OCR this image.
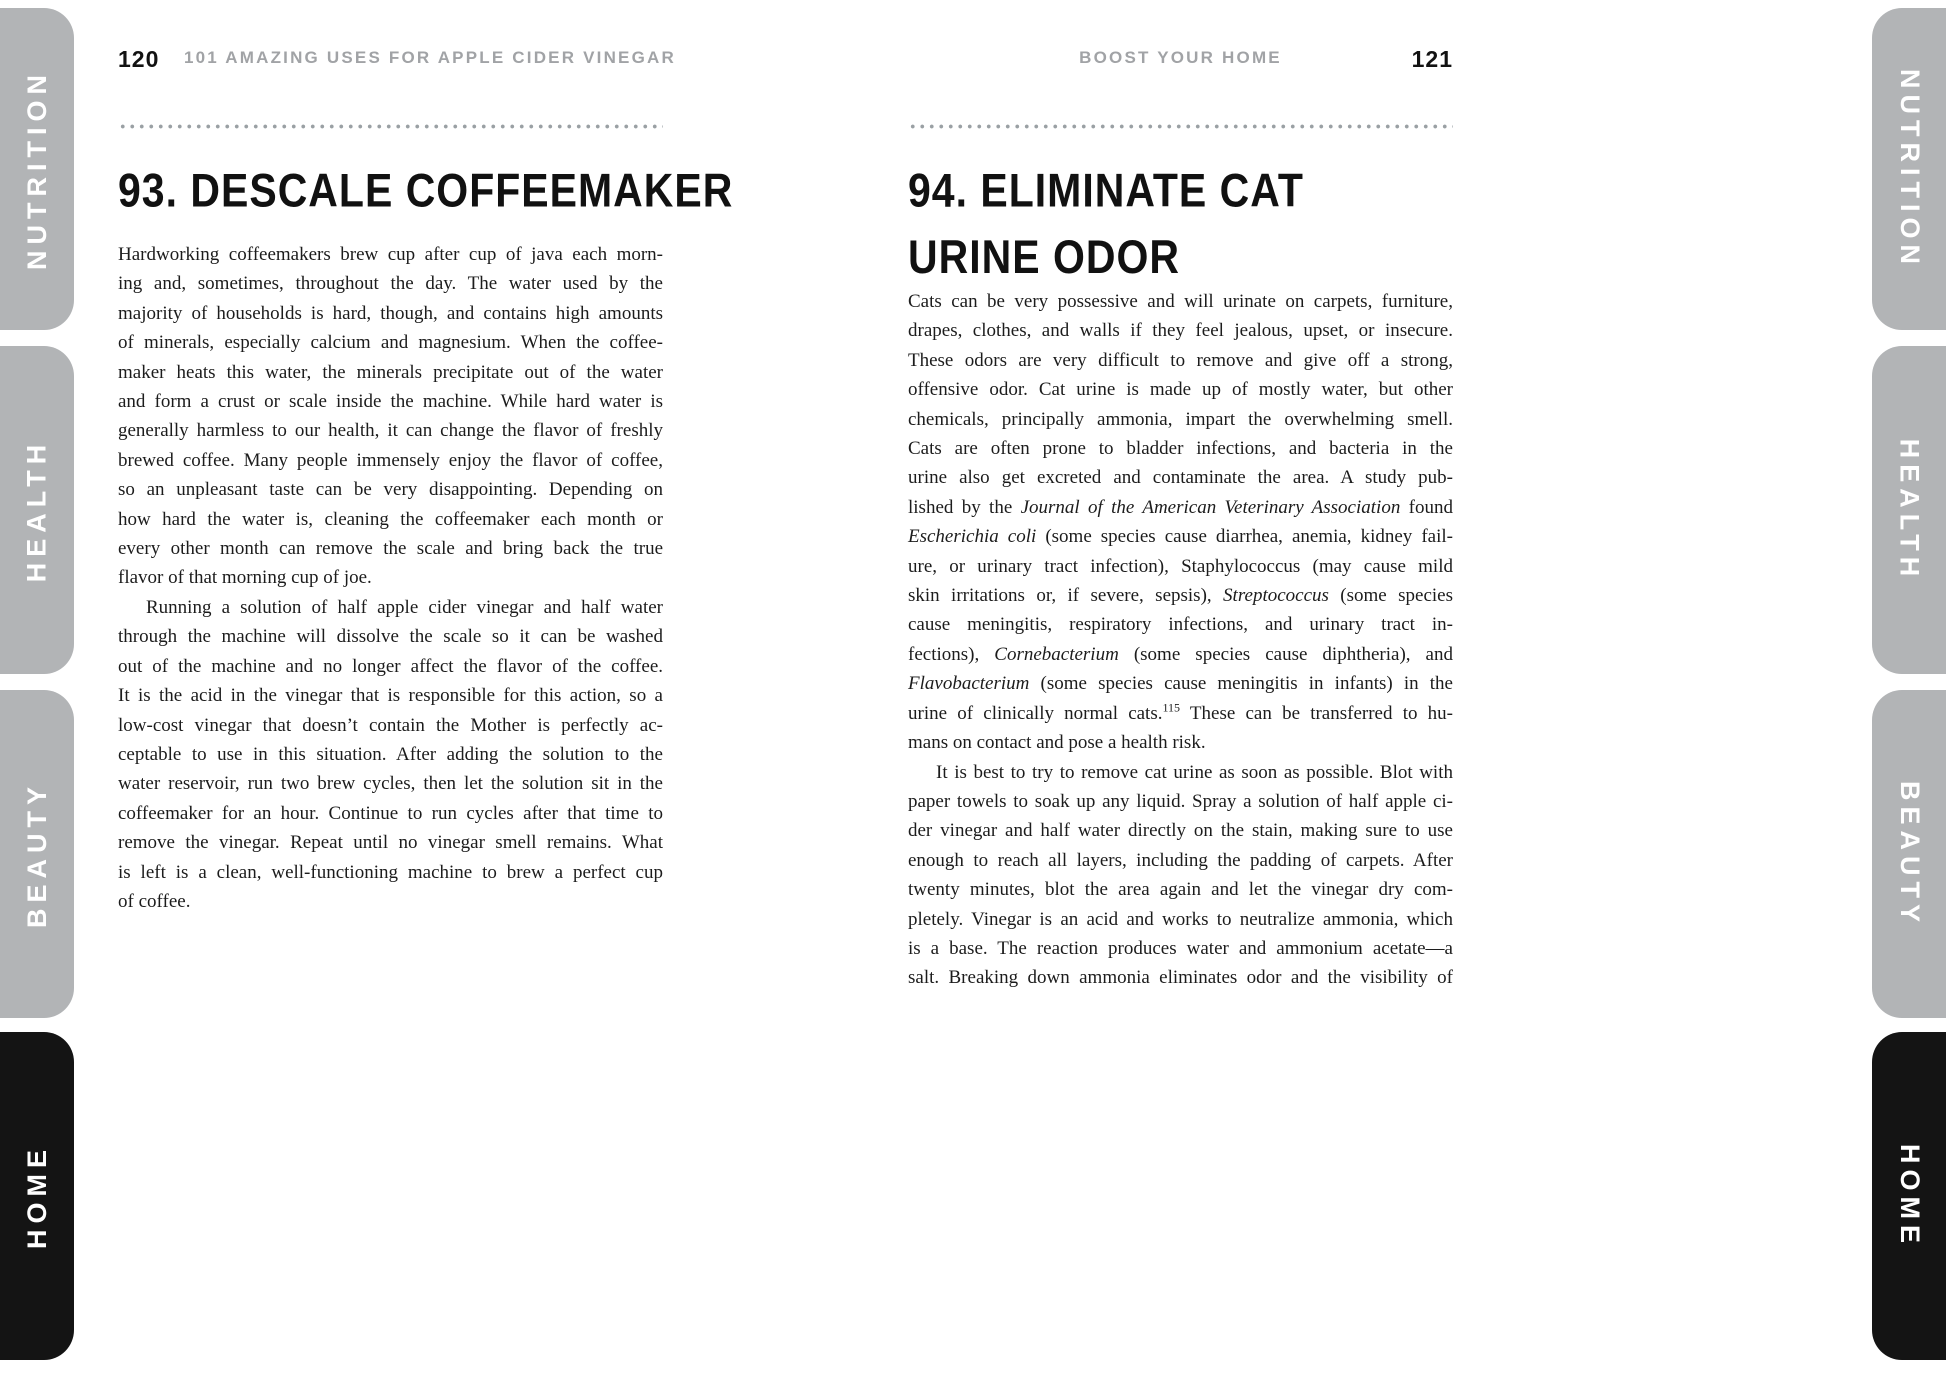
NUTRITION
HEALTH
BEAUTY
HOME
NUTRITION
HEALTH
BEAUTY
HOME
120 101 AMAZING USES FOR APPLE CIDER VINEGAR
93. DESCALE COFFEEMAKER
Hardworking coffeemakers brew cup after cup of java each morn-
ing and, sometimes, throughout the day. The water used by the
majority of households is hard, though, and contains high amounts
of minerals, especially calcium and magnesium. When the coffee-
maker heats this water, the minerals precipitate out of the water
and form a crust or scale inside the machine. While hard water is
generally harmless to our health, it can change the flavor of freshly
brewed coffee. Many people immensely enjoy the flavor of coffee,
so an unpleasant taste can be very disappointing. Depending on
how hard the water is, cleaning the coffeemaker each month or
every other month can remove the scale and bring back the true
flavor of that morning cup of joe.
Running a solution of half apple cider vinegar and half water
through the machine will dissolve the scale so it can be washed
out of the machine and no longer affect the flavor of the coffee.
It is the acid in the vinegar that is responsible for this action, so a
low-cost vinegar that doesn’t contain the Mother is perfectly ac-
ceptable to use in this situation. After adding the solution to the
water reservoir, run two brew cycles, then let the solution sit in the
coffeemaker for an hour. Continue to run cycles after that time to
remove the vinegar. Repeat until no vinegar smell remains. What
is left is a clean, well-functioning machine to brew a perfect cup
of coffee.
BOOST YOUR HOME	121
94. ELIMINATE CAT
URINE ODOR
Cats can be very possessive and will urinate on carpets, furniture,
drapes, clothes, and walls if they feel jealous, upset, or insecure.
These odors are very difficult to remove and give off a strong,
offensive odor. Cat urine is made up of mostly water, but other
chemicals, principally ammonia, impart the overwhelming smell.
Cats are often prone to bladder infections, and bacteria in the
urine also get excreted and contaminate the area. A study pub-
lished by the Journal of the American Veterinary Association found
Escherichia coli (some species cause diarrhea, anemia, kidney fail-
ure, or urinary tract infection), Staphylococcus (may cause mild
skin irritations or, if severe, sepsis), Streptococcus (some species
cause meningitis, respiratory infections, and urinary tract in-
fections), Cornebacterium (some species cause diphtheria), and
Flavobacterium (some species cause meningitis in infants) in the
urine of clinically normal cats.$^{115}$ These can be transferred to hu-
mans on contact and pose a health risk.
It is best to try to remove cat urine as soon as possible. Blot with
paper towels to soak up any liquid. Spray a solution of half apple ci-
der vinegar and half water directly on the stain, making sure to use
enough to reach all layers, including the padding of carpets. After
twenty minutes, blot the area again and let the vinegar dry com-
pletely. Vinegar is an acid and works to neutralize ammonia, which
is a base. The reaction produces water and ammonium acetate—a
salt. Breaking down ammonia eliminates odor and the visibility of
